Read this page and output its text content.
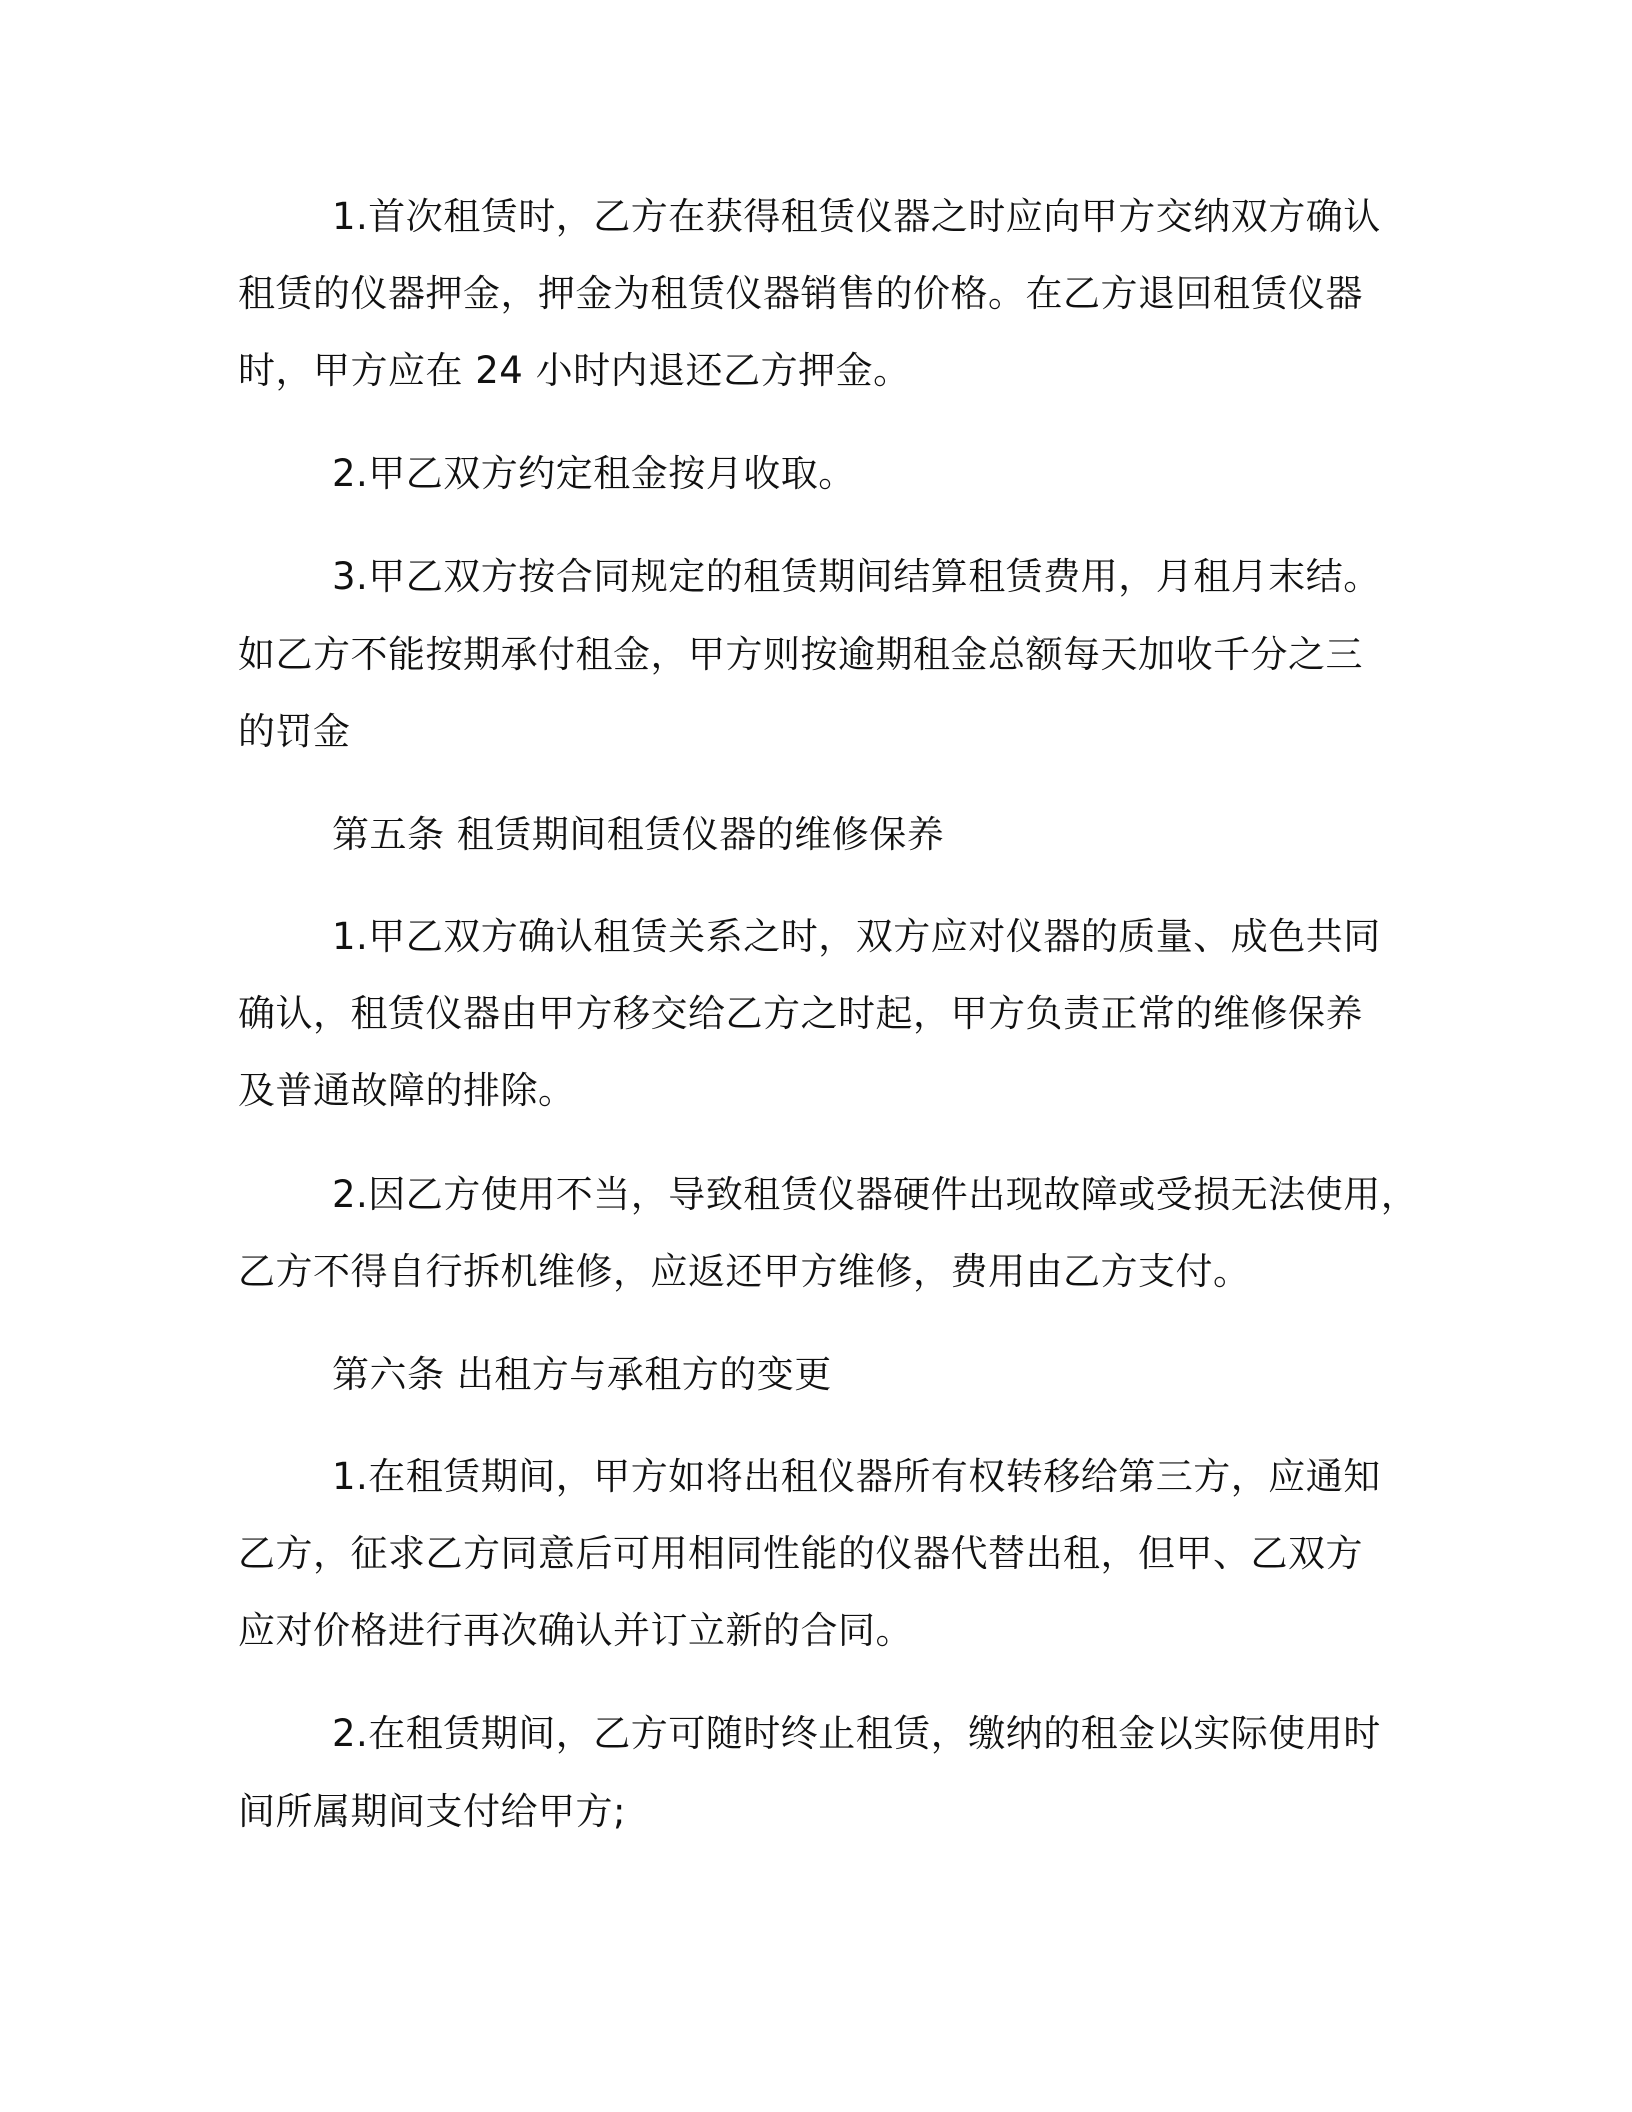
1.首次租赁时，乙方在获得租赁仪器之时应向甲方交纳双方确认
租赁的仪器押金，押金为租赁仪器销售的价格。在乙方退回租赁仪器
时，甲方应在 24 小时内退还乙方押金。
2.甲乙双方约定租金按月收取。
3.甲乙双方按合同规定的租赁期间结算租赁费用，月租月末结。
如乙方不能按期承付租金，甲方则按逾期租金总额每天加收千分之三
的罚金
第五条 租赁期间租赁仪器的维修保养
1.甲乙双方确认租赁关系之时，双方应对仪器的质量、成色共同
确认，租赁仪器由甲方移交给乙方之时起，甲方负责正常的维修保养
及普通故障的排除。
2.因乙方使用不当，导致租赁仪器硬件出现故障或受损无法使用，
乙方不得自行拆机维修，应返还甲方维修，费用由乙方支付。
第六条 出租方与承租方的变更
1.在租赁期间，甲方如将出租仪器所有权转移给第三方，应通知
乙方，征求乙方同意后可用相同性能的仪器代替出租，但甲、乙双方
应对价格进行再次确认并订立新的合同。
2.在租赁期间，乙方可随时终止租赁，缴纳的租金以实际使用时
间所属期间支付给甲方;
